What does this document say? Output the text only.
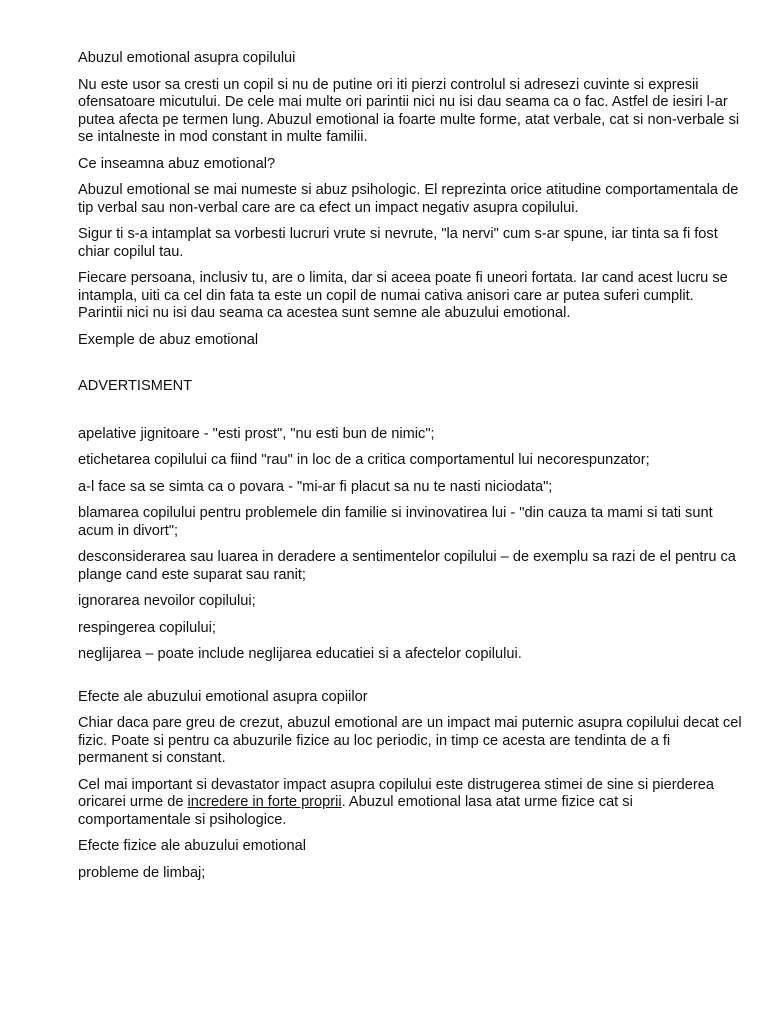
Abuzul emotional asupra copilului

Nu este usor sa cresti un copil si nu de putine ori iti pierzi controlul si adresezi cuvinte si expresii ofensatoare micutului. De cele mai multe ori parintii nici nu isi dau seama ca o fac. Astfel de iesiri l-ar putea afecta pe termen lung. Abuzul emotional ia foarte multe forme, atat verbale, cat si non-verbale si se intalneste in mod constant in multe familii.

Ce inseamna abuz emotional?

Abuzul emotional se mai numeste si abuz psihologic. El reprezinta orice atitudine comportamentala de tip verbal sau non-verbal care are ca efect un impact negativ asupra copilului.

Sigur ti s-a intamplat sa vorbesti lucruri vrute si nevrute, "la nervi" cum s-ar spune, iar tinta sa fi fost chiar copilul tau.

Fiecare persoana, inclusiv tu, are o limita, dar si aceea poate fi uneori fortata. Iar cand acest lucru se intampla, uiti ca cel din fata ta este un copil de numai cativa anisori care ar putea suferi cumplit. Parintii nici nu isi dau seama ca acestea sunt semne ale abuzului emotional.

Exemple de abuz emotional

ADVERTISMENT

apelative jignitoare - "esti prost", "nu esti bun de nimic";

etichetarea copilului ca fiind "rau" in loc de a critica comportamentul lui necorespunzator;

a-l face sa se simta ca o povara - "mi-ar fi placut sa nu te nasti niciodata";

blamarea copilului pentru problemele din familie si invinovatirea lui - "din cauza ta mami si tati sunt acum in divort";

desconsiderarea sau luarea in deradere a sentimentelor copilului – de exemplu sa razi de el pentru ca plange cand este suparat sau ranit;

ignorarea nevoilor copilului;

respingerea copilului;

neglijarea – poate include neglijarea educatiei si a afectelor copilului.

Efecte ale abuzului emotional asupra copiilor

Chiar daca pare greu de crezut, abuzul emotional are un impact mai puternic asupra copilului decat cel fizic. Poate si pentru ca abuzurile fizice au loc periodic, in timp ce acesta are tendinta de a fi permanent si constant.

Cel mai important si devastator impact asupra copilului este distrugerea stimei de sine si pierderea oricarei urme de incredere in forte proprii. Abuzul emotional lasa atat urme fizice cat si comportamentale si psihologice.

Efecte fizice ale abuzului emotional

probleme de limbaj;
